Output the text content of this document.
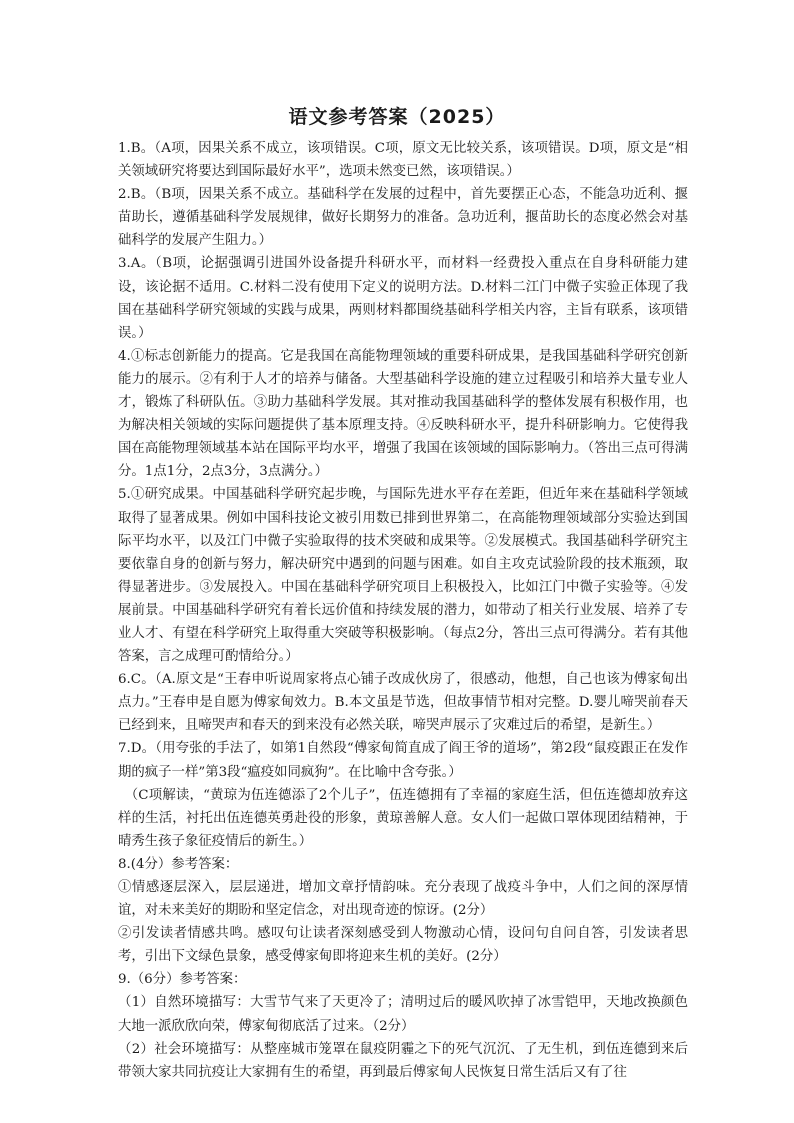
语文参考答案（2025）

1.B。（A项，因果关系不成立，该项错误。C项，原文无比较关系，该项错误。D项，原文是“相关领域研究将要达到国际最好水平”，选项未然变已然，该项错误。）

2.B。（B项，因果关系不成立。基础科学在发展的过程中，首先要摆正心态，不能急功近利、揠苗助长，遵循基础科学发展规律，做好长期努力的准备。急功近利，揠苗助长的态度必然会对基础科学的发展产生阻力。）

3.A。（B项，论据强调引进国外设备提升科研水平，而材料一经费投入重点在自身科研能力建设，该论据不适用。C.材料二没有使用下定义的说明方法。D.材料二江门中微子实验正体现了我国在基础科学研究领域的实践与成果，两则材料都围绕基础科学相关内容，主旨有联系，该项错误。）

4.①标志创新能力的提高。它是我国在高能物理领域的重要科研成果，是我国基础科学研究创新能力的展示。②有利于人才的培养与储备。大型基础科学设施的建立过程吸引和培养大量专业人才，锻炼了科研队伍。③助力基础科学发展。其对推动我国基础科学的整体发展有积极作用，也为解决相关领域的实际问题提供了基本原理支持。④反映科研水平，提升科研影响力。它使得我国在高能物理领域基本站在国际平均水平，增强了我国在该领域的国际影响力。（答出三点可得满分。1点1分，2点3分，3点满分。）

5.①研究成果。中国基础科学研究起步晚，与国际先进水平存在差距，但近年来在基础科学领域取得了显著成果。例如中国科技论文被引用数已排到世界第二，在高能物理领域部分实验达到国际平均水平，以及江门中微子实验取得的技术突破和成果等。②发展模式。我国基础科学研究主要依靠自身的创新与努力，解决研究中遇到的问题与困难。如自主攻克试验阶段的技术瓶颈，取得显著进步。③发展投入。中国在基础科学研究项目上积极投入，比如江门中微子实验等。④发展前景。中国基础科学研究有着长远价值和持续发展的潜力，如带动了相关行业发展、培养了专业人才、有望在科学研究上取得重大突破等积极影响。（每点2分，答出三点可得满分。若有其他答案，言之成理可酌情给分。）

6.C。（A.原文是“王春申听说周家将点心铺子改成伙房了，很感动，他想，自己也该为傅家甸出点力。”王春申是自愿为傅家甸效力。B.本文虽是节选，但故事情节相对完整。D.婴儿啼哭前春天已经到来，且啼哭声和春天的到来没有必然关联，啼哭声展示了灾难过后的希望，是新生。）

7.D。（用夸张的手法了，如第1自然段“傅家甸简直成了阎王爷的道场”，第2段“鼠疫跟正在发作期的疯子一样”第3段“瘟疫如同疯狗”。在比喻中含夸张。）

（C项解读，“黄琼为伍连德添了2个儿子”，伍连德拥有了幸福的家庭生活，但伍连德却放弃这样的生活，衬托出伍连德英勇赴役的形象，黄琼善解人意。女人们一起做口罩体现团结精神，于晴秀生孩子象征疫情后的新生。）

8.(4分）参考答案：

①情感逐层深入，层层递进，增加文章抒情韵味。充分表现了战疫斗争中，人们之间的深厚情谊，对未来美好的期盼和坚定信念，对出现奇迹的惊讶。(2分）

②引发读者情感共鸣。感叹句让读者深刻感受到人物激动心情，设问句自问自答，引发读者思考，引出下文绿色景象，感受傅家甸即将迎来生机的美好。(2分）

9.（6分）参考答案：

（1）自然环境描写：大雪节气来了天更冷了；清明过后的暖风吹掉了冰雪铠甲，天地改换颜色大地一派欣欣向荣，傅家甸彻底活了过来。（2分）

（2）社会环境描写：从整座城市笼罩在鼠疫阴霾之下的死气沉沉、了无生机，到伍连德到来后带领大家共同抗疫让大家拥有生的希望，再到最后傅家甸人民恢复日常生活后又有了往
